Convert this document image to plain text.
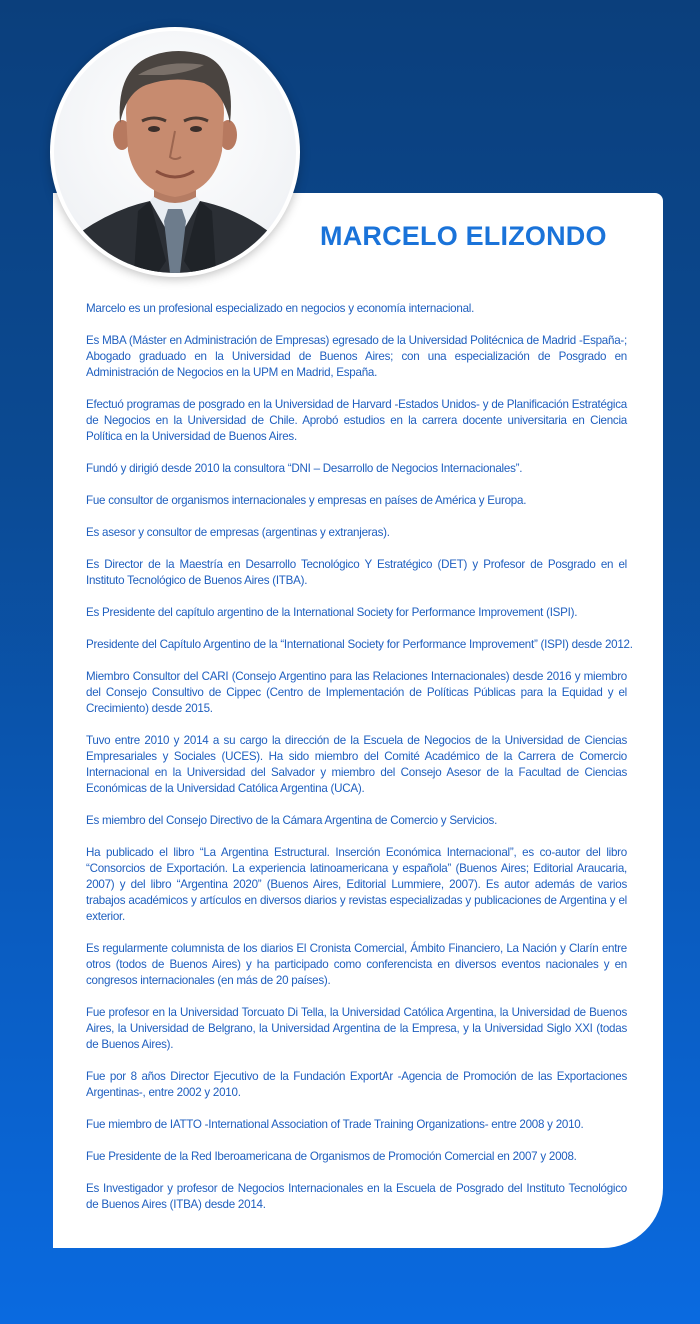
MARCELO ELIZONDO

Marcelo es un profesional especializado en negocios y economía internacional.

Es MBA (Máster en Administración de Empresas) egresado de la Universidad Politécnica de Madrid -España-; Abogado graduado en la Universidad de Buenos Aires; con una especialización de Posgrado en Administración de Negocios en la UPM en Madrid, España.

Efectuó programas de posgrado en la Universidad de Harvard -Estados Unidos- y de Planificación Estratégica de Negocios en la Universidad de Chile. Aprobó estudios en la carrera docente universitaria en Ciencia Política en la Universidad de Buenos Aires.

Fundó y dirigió desde 2010 la consultora “DNI – Desarrollo de Negocios Internacionales”.

Fue consultor de organismos internacionales y empresas en países de América y Europa.

Es asesor y consultor de empresas (argentinas y extranjeras).

Es Director de la Maestría en Desarrollo Tecnológico Y Estratégico (DET) y Profesor de Posgrado en el Instituto Tecnológico de Buenos Aires (ITBA).

Es Presidente del capítulo argentino de la International Society for Performance Improvement (ISPI).

Presidente del Capítulo Argentino de la “International Society for Performance Improvement” (ISPI) desde 2012.

Miembro Consultor del CARI (Consejo Argentino para las Relaciones Internacionales) desde 2016 y miembro del Consejo Consultivo de Cippec (Centro de Implementación de Políticas Públicas para la Equidad y el Crecimiento) desde 2015.

Tuvo entre 2010 y 2014 a su cargo la dirección de la Escuela de Negocios de la Universidad de Ciencias Empresariales y Sociales (UCES). Ha sido miembro del Comité Académico de la Carrera de Comercio Internacional en la Universidad del Salvador y miembro del Consejo Asesor de la Facultad de Ciencias Económicas de la Universidad Católica Argentina (UCA).

Es miembro del Consejo Directivo de la Cámara Argentina de Comercio y Servicios.

Ha publicado el libro “La Argentina Estructural. Inserción Económica Internacional”, es co-autor del libro “Consorcios de Exportación. La experiencia latinoamericana y española” (Buenos Aires; Editorial Araucaria, 2007) y del libro “Argentina 2020” (Buenos Aires, Editorial Lummiere, 2007). Es autor además de varios trabajos académicos y artículos en diversos diarios y revistas especializadas y publicaciones de Argentina y el exterior.

Es regularmente columnista de los diarios El Cronista Comercial, Ámbito Financiero, La Nación y Clarín entre otros (todos de Buenos Aires) y ha participado como conferencista en diversos eventos nacionales y en congresos internacionales (en más de 20 países).

Fue profesor en la Universidad Torcuato Di Tella, la Universidad Católica Argentina, la Universidad de Buenos Aires, la Universidad de Belgrano, la Universidad Argentina de la Empresa, y la Universidad Siglo XXI (todas de Buenos Aires).

Fue por 8 años Director Ejecutivo de la Fundación ExportAr -Agencia de Promoción de las Exportaciones Argentinas-, entre 2002 y 2010.

Fue miembro de IATTO -International Association of Trade Training Organizations- entre 2008 y 2010.

Fue Presidente de la Red Iberoamericana de Organismos de Promoción Comercial en 2007 y 2008.

Es Investigador y profesor de Negocios Internacionales en la Escuela de Posgrado del Instituto Tecnológico de Buenos Aires (ITBA) desde 2014.
